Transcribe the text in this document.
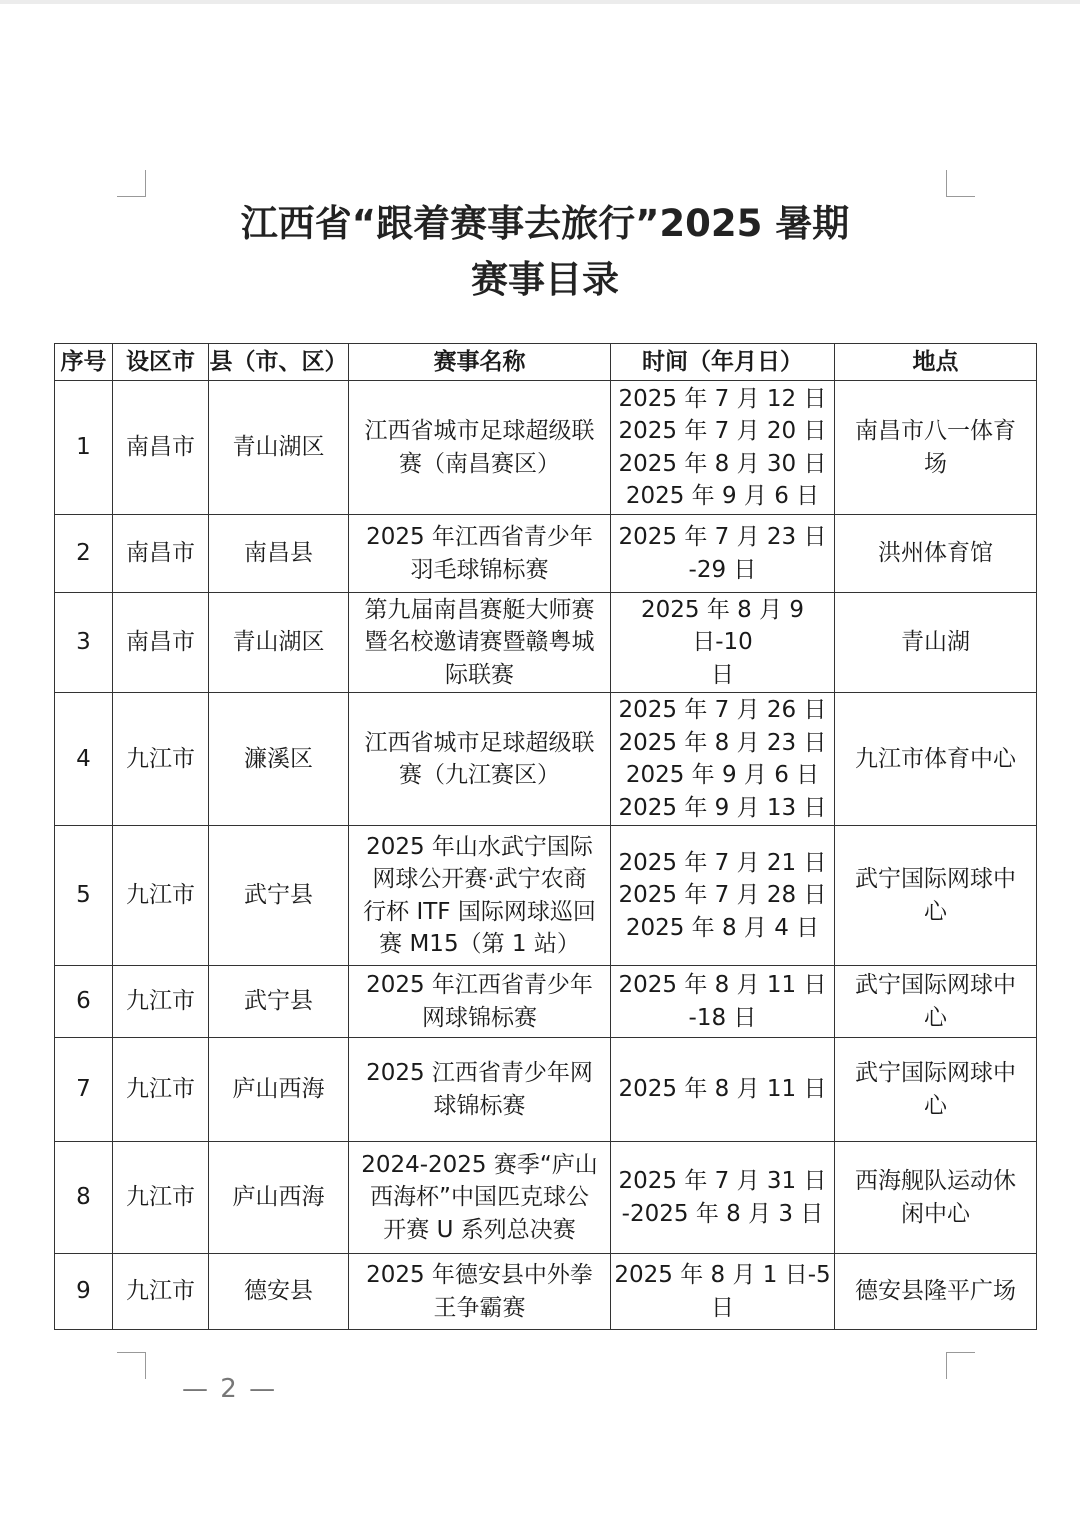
江西省“跟着赛事去旅行”2025 暑期
赛事目录
序号	设区市	县（市、区）	赛事名称	时间（年月日）	地点
1	南昌市	青山湖区	江西省城市足球超级联
赛（南昌赛区）	2025 年 7 月 12 日
2025 年 7 月 20 日
2025 年 8 月 30 日
2025 年 9 月 6 日	南昌市八一体育
场
2	南昌市	南昌县	2025 年江西省青少年
羽毛球锦标赛	2025 年 7 月 23 日
-29 日	洪州体育馆
3	南昌市	青山湖区	第九届南昌赛艇大师赛
暨名校邀请赛暨赣粤城
际联赛	2025 年 8 月 9 日-10
日	青山湖
4	九江市	濂溪区	江西省城市足球超级联
赛（九江赛区）	2025 年 7 月 26 日
2025 年 8 月 23 日
2025 年 9 月 6 日
2025 年 9 月 13 日	九江市体育中心
5	九江市	武宁县	2025 年山水武宁国际
网球公开赛·武宁农商
行杯 ITF 国际网球巡回
赛 M15（第 1 站）	2025 年 7 月 21 日
2025 年 7 月 28 日
2025 年 8 月 4 日	武宁国际网球中
心
6	九江市	武宁县	2025 年江西省青少年
网球锦标赛	2025 年 8 月 11 日
-18 日	武宁国际网球中
心
7	九江市	庐山西海	2025 江西省青少年网
球锦标赛	2025 年 8 月 11 日	武宁国际网球中
心
8	九江市	庐山西海	2024-2025 赛季“庐山
西海杯”中国匹克球公
开赛 U 系列总决赛	2025 年 7 月 31 日
-2025 年 8 月 3 日	西海舰队运动休
闲中心
9	九江市	德安县	2025 年德安县中外拳
王争霸赛	2025 年 8 月 1 日-5
日	德安县隆平广场
— 2 —
